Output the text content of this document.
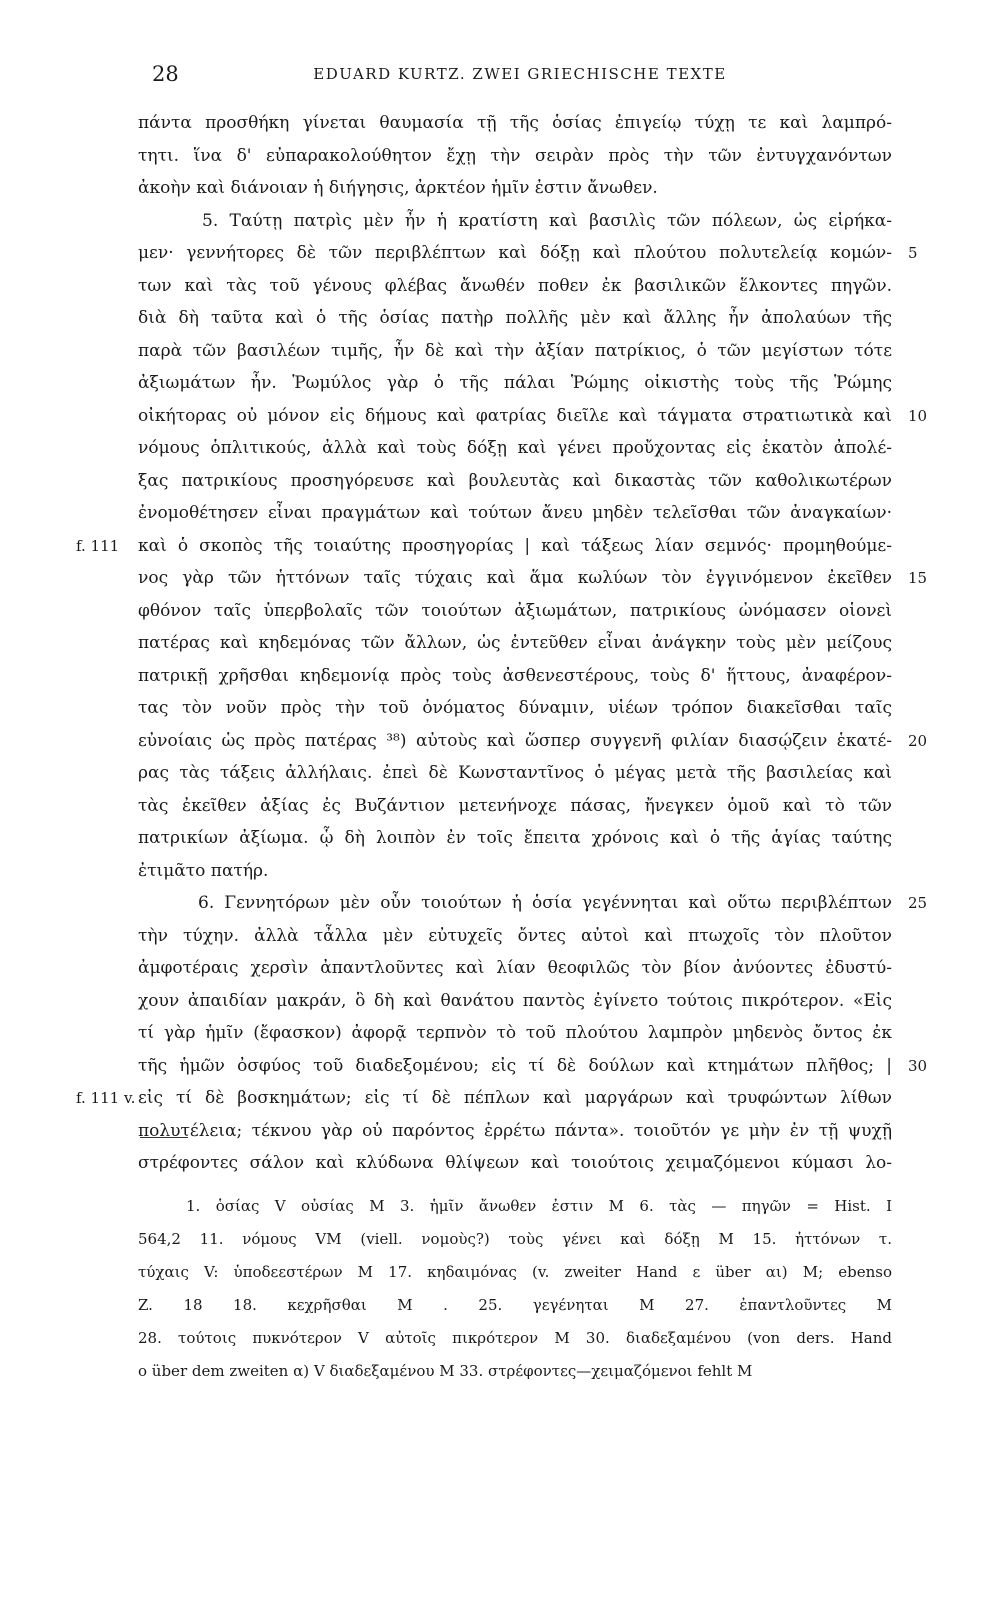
28	EDUARD KURTZ. ZWEI GRIECHISCHE TEXTE
πάντα προσθήκη γίνεται θαυμασία τῇ τῆς ὁσίας ἐπιγείῳ τύχῃ τε καὶ λαμπρό-
τητι. ἵνα δ' εὐπαρακολούθητον ἔχῃ τὴν σειρὰν πρὸς τὴν τῶν ἐντυγχανόντων
ἀκοὴν καὶ διάνοιαν ἡ διήγησις, ἀρκτέον ἡμῖν ἐστιν ἄνωθεν.
5. Ταύτῃ πατρὶς μὲν ἦν ἡ κρατίστη καὶ βασιλὶς τῶν πόλεων, ὡς εἰρήκα-
μεν· γεννήτορες δὲ τῶν περιβλέπτων καὶ δόξῃ καὶ πλούτου πολυτελείᾳ κομών- 5
των καὶ τὰς τοῦ γένους φλέβας ἄνωθέν ποθεν ἐκ βασιλικῶν ἕλκοντες πηγῶν.
διὰ δὴ ταῦτα καὶ ὁ τῆς ὁσίας πατὴρ πολλῆς μὲν καὶ ἄλλης ἦν ἀπολαύων τῆς
παρὰ τῶν βασιλέων τιμῆς, ἦν δὲ καὶ τὴν ἀξίαν πατρίκιος, ὁ τῶν μεγίστων τότε
ἀξιωμάτων ἦν. Ῥωμύλος γὰρ ὁ τῆς πάλαι Ῥώμης οἰκιστὴς τοὺς τῆς Ῥώμης
οἰκήτορας οὐ μόνον εἰς δήμους καὶ φατρίας διεῖλε καὶ τάγματα στρατιωτικὰ καὶ 10
νόμους ὁπλιτικούς, ἀλλὰ καὶ τοὺς δόξῃ καὶ γένει προὔχοντας εἰς ἑκατὸν ἀπολέ-
ξας πατρικίους προσηγόρευσε καὶ βουλευτὰς καὶ δικαστὰς τῶν καθολικωτέρων
ἐνομοθέτησεν εἶναι πραγμάτων καὶ τούτων ἄνευ μηδὲν τελεῖσθαι τῶν ἀναγκαίων·
f. 111 καὶ ὁ σκοπὸς τῆς τοιαύτης προσηγορίας | καὶ τάξεως λίαν σεμνός· προμηθούμε-
νος γὰρ τῶν ἡττόνων ταῖς τύχαις καὶ ἅμα κωλύων τὸν ἐγγινόμενον ἐκεῖθεν 15
φθόνον ταῖς ὑπερβολαῖς τῶν τοιούτων ἀξιωμάτων, πατρικίους ὠνόμασεν οἱονεὶ
πατέρας καὶ κηδεμόνας τῶν ἄλλων, ὡς ἐντεῦθεν εἶναι ἀνάγκην τοὺς μὲν μείζους
πατρικῇ χρῆσθαι κηδεμονίᾳ πρὸς τοὺς ἀσθενεστέρους, τοὺς δ' ἥττους, ἀναφέρον-
τας τὸν νοῦν πρὸς τὴν τοῦ ὀνόματος δύναμιν, υἱέων τρόπον διακεῖσθαι ταῖς
εὐνοίαις ὡς πρὸς πατέρας ³⁸) αὐτοὺς καὶ ὥσπερ συγγενῆ φιλίαν διασῴζειν ἑκατέ- 20
ρας τὰς τάξεις ἀλλήλαις. ἐπεὶ δὲ Κωνσταντῖνος ὁ μέγας μετὰ τῆς βασιλείας καὶ
τὰς ἐκεῖθεν ἀξίας ἐς Βυζάντιον μετενήνοχε πάσας, ἤνεγκεν ὁμοῦ καὶ τὸ τῶν
πατρικίων ἀξίωμα. ᾧ δὴ λοιπὸν ἐν τοῖς ἔπειτα χρόνοις καὶ ὁ τῆς ἁγίας ταύτης
ἐτιμᾶτο πατήρ.
6. Γεννητόρων μὲν οὖν τοιούτων ἡ ὁσία γεγέννηται καὶ οὕτω περιβλέπτων 25
τὴν τύχην. ἀλλὰ τἆλλα μὲν εὐτυχεῖς ὄντες αὐτοὶ καὶ πτωχοῖς τὸν πλοῦτον
ἀμφοτέραις χερσὶν ἀπαντλοῦντες καὶ λίαν θεοφιλῶς τὸν βίον ἀνύοντες ἐδυστύ-
χουν ἀπαιδίαν μακράν, ὃ δὴ καὶ θανάτου παντὸς ἐγίνετο τούτοις πικρότερον. «Εἰς
τί γὰρ ἡμῖν (ἔφασκον) ἀφορᾷ τερπνὸν τὸ τοῦ πλούτου λαμπρὸν μηδενὸς ὄντος ἐκ
τῆς ἡμῶν ὀσφύος τοῦ διαδεξομένου; εἰς τί δὲ δούλων καὶ κτημάτων πλῆθος; | 30
f. 111 v. εἰς τί δὲ βοσκημάτων; εἰς τί δὲ πέπλων καὶ μαργάρων καὶ τρυφώντων λίθων
πολυτέλεια; τέκνου γὰρ οὐ παρόντος ἐρρέτω πάντα». τοιοῦτόν γε μὴν ἐν τῇ ψυχῇ
στρέφοντες σάλον καὶ κλύδωνα θλίψεων καὶ τοιούτοις χειμαζόμενοι κύμασι λο-
1. ὁσίας V οὐσίας M 3. ἡμῖν ἄνωθεν ἐστιν M 6. τὰς — πηγῶν = Hist. I
564,2 11. νόμους VM (viell. νομοὺς?) τοὺς γένει καὶ δόξῃ M 15. ἡττόνων τ.
τύχαις V: ὑποδεεστέρων M 17. κηδαιμόνας (v. zweiter Hand ε über αι) M; ebenso
Z. 18 18. κεχρῆσθαι M . 25. γεγένηται M 27. ἐπαντλοῦντες M
28. τούτοις πυκνότερον V αὐτοῖς πικρότερον M 30. διαδεξαμένου (von ders. Hand
ο über dem zweiten α) V διαδεξαμένου M 33. στρέφοντες—χειμαζόμενοι fehlt M
